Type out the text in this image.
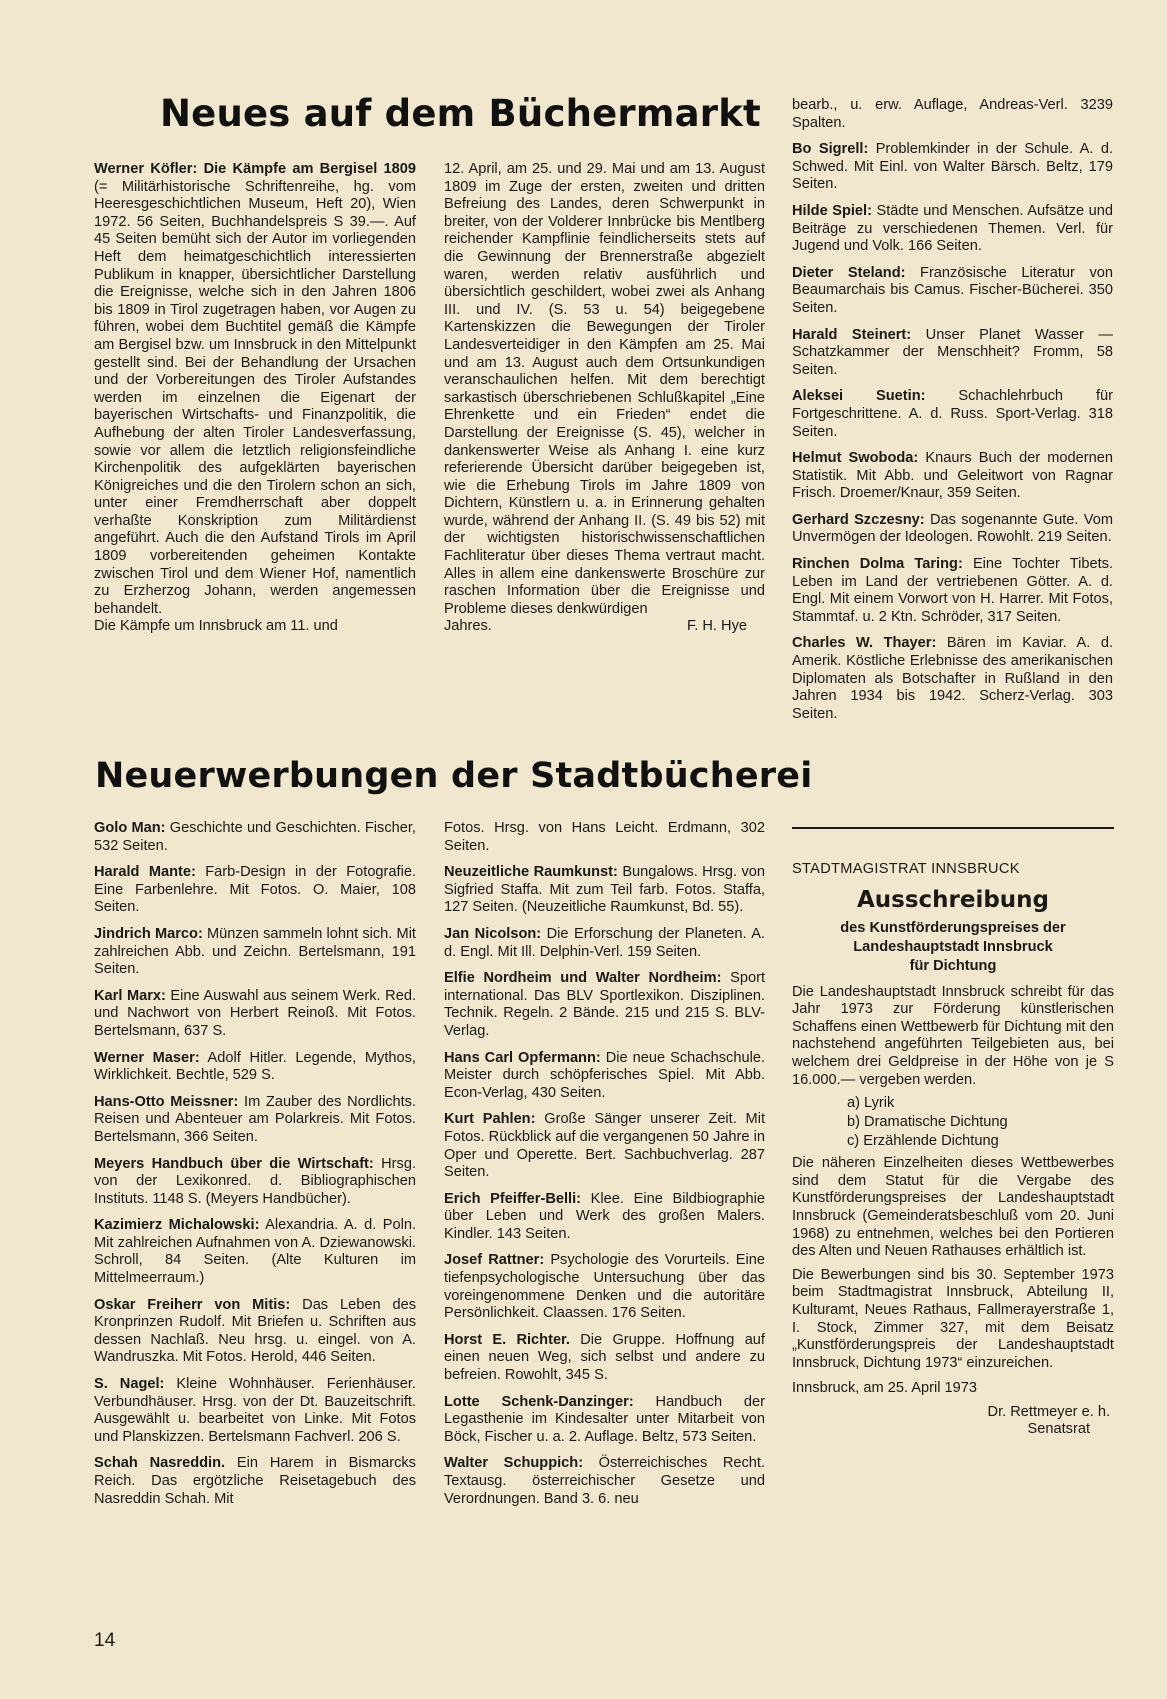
Neues auf dem Büchermarkt

Werner Köfler: Die Kämpfe am Bergisel 1809 (= Militärhistorische Schriftenreihe, hg. vom Heeresgeschichtlichen Museum, Heft 20), Wien 1972. 56 Seiten, Buchhandelspreis S 39.—. Auf 45 Seiten bemüht sich der Autor im vorliegenden Heft dem heimatgeschichtlich interessierten Publikum in knapper, übersichtlicher Darstellung die Ereignisse, welche sich in den Jahren 1806 bis 1809 in Tirol zugetragen haben, vor Augen zu führen, wobei dem Buchtitel gemäß die Kämpfe am Bergisel bzw. um Innsbruck in den Mittelpunkt gestellt sind. Bei der Behandlung der Ursachen und der Vorbereitungen des Tiroler Aufstandes werden im einzelnen die Eigenart der bayerischen Wirtschafts- und Finanzpolitik, die Aufhebung der alten Tiroler Landesverfassung, sowie vor allem die letztlich religionsfeindliche Kirchenpolitik des aufgeklärten bayerischen Königreiches und die den Tirolern schon an sich, unter einer Fremdherrschaft aber doppelt verhaßte Konskription zum Militärdienst angeführt. Auch die den Aufstand Tirols im April 1809 vorbereitenden geheimen Kontakte zwischen Tirol und dem Wiener Hof, namentlich zu Erzherzog Johann, werden angemessen behandelt.

Die Kämpfe um Innsbruck am 11. und

12. April, am 25. und 29. Mai und am 13. August 1809 im Zuge der ersten, zweiten und dritten Befreiung des Landes, deren Schwerpunkt in breiter, von der Volderer Innbrücke bis Mentlberg reichender Kampflinie feindlicherseits stets auf die Gewinnung der Brennerstraße abgezielt waren, werden relativ ausführlich und übersichtlich geschildert, wobei zwei als Anhang III. und IV. (S. 53 u. 54) beigegebene Kartenskizzen die Bewegungen der Tiroler Landesverteidiger in den Kämpfen am 25. Mai und am 13. August auch dem Ortsunkundigen veranschaulichen helfen. Mit dem berechtigt sarkastisch überschriebenen Schlußkapitel „Eine Ehrenkette und ein Frieden“ endet die Darstellung der Ereignisse (S. 45), welcher in dankenswerter Weise als Anhang I. eine kurz referierende Übersicht darüber beigegeben ist, wie die Erhebung Tirols im Jahre 1809 von Dichtern, Künstlern u. a. in Erinnerung gehalten wurde, während der Anhang II. (S. 49 bis 52) mit der wichtigsten historischwissenschaftlichen Fachliteratur über dieses Thema vertraut macht. Alles in allem eine dankenswerte Broschüre zur raschen Information über die Ereignisse und Probleme dieses denkwürdigen

Jahres.	F. H. Hye

bearb., u. erw. Auflage, Andreas-Verl. 3239 Spalten.

Bo Sigrell: Problemkinder in der Schule. A. d. Schwed. Mit Einl. von Walter Bärsch. Beltz, 179 Seiten.

Hilde Spiel: Städte und Menschen. Aufsätze und Beiträge zu verschiedenen Themen. Verl. für Jugend und Volk. 166 Seiten.

Dieter Steland: Französische Literatur von Beaumarchais bis Camus. Fischer-Bücherei. 350 Seiten.

Harald Steinert: Unser Planet Wasser — Schatzkammer der Menschheit? Fromm, 58 Seiten.

Aleksei Suetin: Schachlehrbuch für Fortgeschrittene. A. d. Russ. Sport-Verlag. 318 Seiten.

Helmut Swoboda: Knaurs Buch der modernen Statistik. Mit Abb. und Geleitwort von Ragnar Frisch. Droemer/Knaur, 359 Seiten.

Gerhard Szczesny: Das sogenannte Gute. Vom Unvermögen der Ideologen. Rowohlt. 219 Seiten.

Rinchen Dolma Taring: Eine Tochter Tibets. Leben im Land der vertriebenen Götter. A. d. Engl. Mit einem Vorwort von H. Harrer. Mit Fotos, Stammtaf. u. 2 Ktn. Schröder, 317 Seiten.

Charles W. Thayer: Bären im Kaviar. A. d. Amerik. Köstliche Erlebnisse des amerikanischen Diplomaten als Botschafter in Rußland in den Jahren 1934 bis 1942. Scherz-Verlag. 303 Seiten.

Neuerwerbungen der Stadtbücherei

Golo Man: Geschichte und Geschichten. Fischer, 532 Seiten.

Harald Mante: Farb-Design in der Fotografie. Eine Farbenlehre. Mit Fotos. O. Maier, 108 Seiten.

Jindrich Marco: Münzen sammeln lohnt sich. Mit zahlreichen Abb. und Zeichn. Bertelsmann, 191 Seiten.

Karl Marx: Eine Auswahl aus seinem Werk. Red. und Nachwort von Herbert Reinoß. Mit Fotos. Bertelsmann, 637 S.

Werner Maser: Adolf Hitler. Legende, Mythos, Wirklichkeit. Bechtle, 529 S.

Hans-Otto Meissner: Im Zauber des Nordlichts. Reisen und Abenteuer am Polarkreis. Mit Fotos. Bertelsmann, 366 Seiten.

Meyers Handbuch über die Wirtschaft: Hrsg. von der Lexikonred. d. Bibliographischen Instituts. 1148 S. (Meyers Handbücher).

Kazimierz Michalowski: Alexandria. A. d. Poln. Mit zahlreichen Aufnahmen von A. Dziewanowski. Schroll, 84 Seiten. (Alte Kulturen im Mittelmeerraum.)

Oskar Freiherr von Mitis: Das Leben des Kronprinzen Rudolf. Mit Briefen u. Schriften aus dessen Nachlaß. Neu hrsg. u. eingel. von A. Wandruszka. Mit Fotos. Herold, 446 Seiten.

S. Nagel: Kleine Wohnhäuser. Ferienhäuser. Verbundhäuser. Hrsg. von der Dt. Bauzeitschrift. Ausgewählt u. bearbeitet von Linke. Mit Fotos und Planskizzen. Bertelsmann Fachverl. 206 S.

Schah Nasreddin. Ein Harem in Bismarcks Reich. Das ergötzliche Reisetagebuch des Nasreddin Schah. Mit

Fotos. Hrsg. von Hans Leicht. Erdmann, 302 Seiten.

Neuzeitliche Raumkunst: Bungalows. Hrsg. von Sigfried Staffa. Mit zum Teil farb. Fotos. Staffa, 127 Seiten. (Neuzeitliche Raumkunst, Bd. 55).

Jan Nicolson: Die Erforschung der Planeten. A. d. Engl. Mit Ill. Delphin-Verl. 159 Seiten.

Elfie Nordheim und Walter Nordheim: Sport international. Das BLV Sportlexikon. Disziplinen. Technik. Regeln. 2 Bände. 215 und 215 S. BLV-Verlag.

Hans Carl Opfermann: Die neue Schachschule. Meister durch schöpferisches Spiel. Mit Abb. Econ-Verlag, 430 Seiten.

Kurt Pahlen: Große Sänger unserer Zeit. Mit Fotos. Rückblick auf die vergangenen 50 Jahre in Oper und Operette. Bert. Sachbuchverlag. 287 Seiten.

Erich Pfeiffer-Belli: Klee. Eine Bildbiographie über Leben und Werk des großen Malers. Kindler. 143 Seiten.

Josef Rattner: Psychologie des Vorurteils. Eine tiefenpsychologische Untersuchung über das voreingenommene Denken und die autoritäre Persönlichkeit. Claassen. 176 Seiten.

Horst E. Richter. Die Gruppe. Hoffnung auf einen neuen Weg, sich selbst und andere zu befreien. Rowohlt, 345 S.

Lotte Schenk-Danzinger: Handbuch der Legasthenie im Kindesalter unter Mitarbeit von Böck, Fischer u. a. 2. Auflage. Beltz, 573 Seiten.

Walter Schuppich: Österreichisches Recht. Textausg. österreichischer Gesetze und Verordnungen. Band 3. 6. neu

STADTMAGISTRAT INNSBRUCK

Ausschreibung
des Kunstförderungspreises der
Landeshauptstadt Innsbruck
für Dichtung

Die Landeshauptstadt Innsbruck schreibt für das Jahr 1973 zur Förderung künstlerischen Schaffens einen Wettbewerb für Dichtung mit den nachstehend angeführten Teilgebieten aus, bei welchem drei Geldpreise in der Höhe von je S 16.000.— vergeben werden.

a) Lyrik
b) Dramatische Dichtung
c) Erzählende Dichtung

Die näheren Einzelheiten dieses Wettbewerbes sind dem Statut für die Vergabe des Kunstförderungspreises der Landeshauptstadt Innsbruck (Gemeinderatsbeschluß vom 20. Juni 1968) zu entnehmen, welches bei den Portieren des Alten und Neuen Rathauses erhältlich ist.

Die Bewerbungen sind bis 30. September 1973 beim Stadtmagistrat Innsbruck, Abteilung II, Kulturamt, Neues Rathaus, Fallmerayerstraße 1, I. Stock, Zimmer 327, mit dem Beisatz „Kunstförderungspreis der Landeshauptstadt Innsbruck, Dichtung 1973“ einzureichen.

Innsbruck, am 25. April 1973

Dr. Rettmeyer e. h.
Senatsrat
14
